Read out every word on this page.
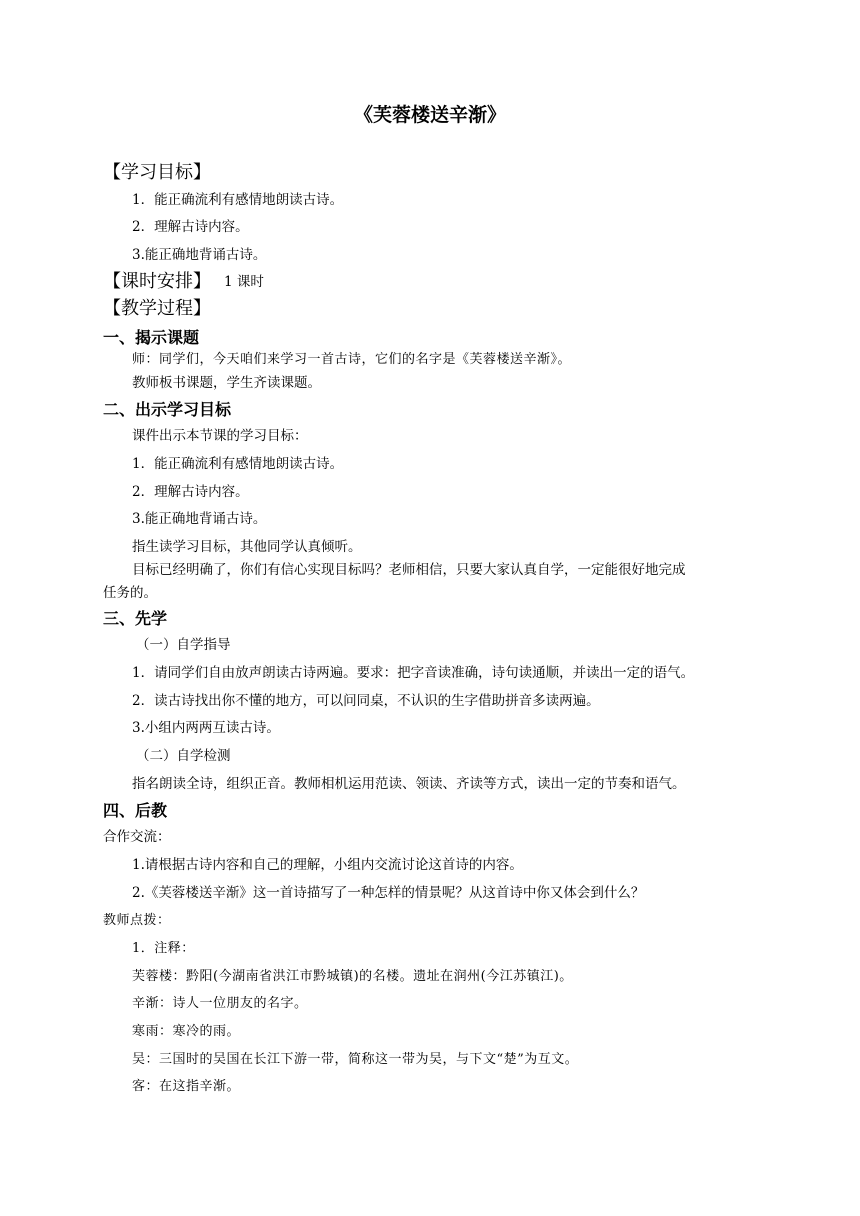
《芙蓉楼送辛渐》
【学习目标】
1．能正确流利有感情地朗读古诗。
2．理解古诗内容。
3.能正确地背诵古诗。
【课时安排】 1 课时
【教学过程】
一、揭示课题
师：同学们，今天咱们来学习一首古诗，它们的名字是《芙蓉楼送辛渐》。
教师板书课题，学生齐读课题。
二、出示学习目标
课件出示本节课的学习目标：
1．能正确流利有感情地朗读古诗。
2．理解古诗内容。
3.能正确地背诵古诗。
指生读学习目标，其他同学认真倾听。
目标已经明确了，你们有信心实现目标吗？老师相信，只要大家认真自学，一定能很好地完成
任务的。
三、先学
（一）自学指导
1．请同学们自由放声朗读古诗两遍。要求：把字音读准确，诗句读通顺，并读出一定的语气。
2．读古诗找出你不懂的地方，可以问同桌，不认识的生字借助拼音多读两遍。
3.小组内两两互读古诗。
（二）自学检测
指名朗读全诗，组织正音。教师相机运用范读、领读、齐读等方式，读出一定的节奏和语气。
四、后教
合作交流：
1.请根据古诗内容和自己的理解，小组内交流讨论这首诗的内容。
2.《芙蓉楼送辛渐》这一首诗描写了一种怎样的情景呢？从这首诗中你又体会到什么？
教师点拨：
1．注释：
芙蓉楼：黔阳(今湖南省洪江市黔城镇)的名楼。遗址在润州(今江苏镇江)。
辛渐：诗人一位朋友的名字。
寒雨：寒冷的雨。
吴：三国时的吴国在长江下游一带，简称这一带为吴，与下文“楚”为互文。
客：在这指辛渐。
